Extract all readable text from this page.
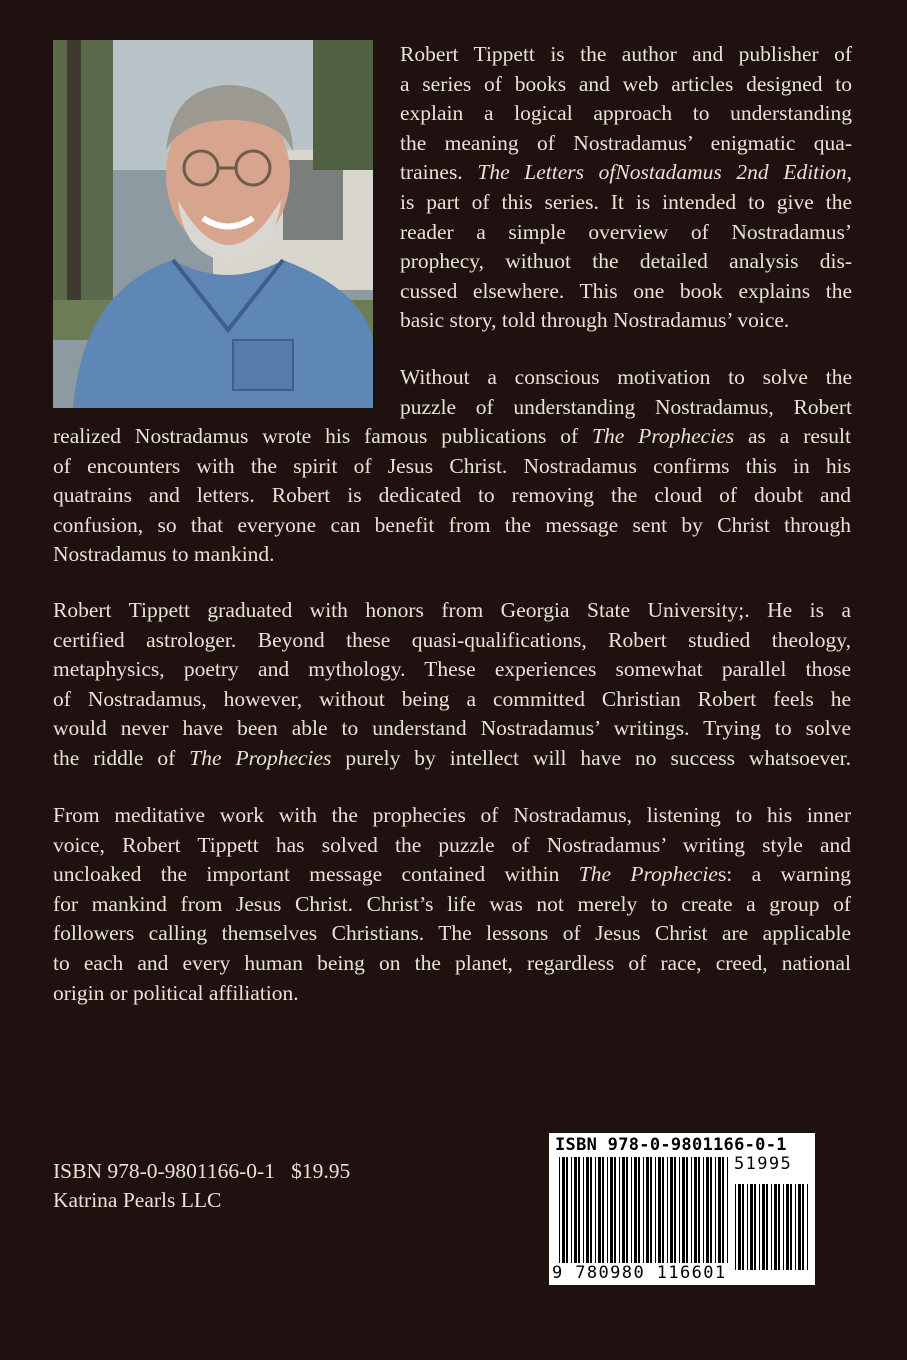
Robert Tippett is the author and publisher of
a series of books and web articles designed to
explain a logical approach to understanding
the meaning of Nostradamus’ enigmatic qua-
traines. The Letters ofNostadamus 2nd Edition,
is part of this series. It is intended to give the
reader a simple overview of Nostradamus’
prophecy, withuot the detailed analysis dis-
cussed elsewhere. This one book explains the
basic story, told through Nostradamus’ voice.
Without a conscious motivation to solve the
puzzle of understanding Nostradamus, Robert
realized Nostradamus wrote his famous publications of The Prophecies as a result
of encounters with the spirit of Jesus Christ. Nostradamus confirms this in his
quatrains and letters. Robert is dedicated to removing the cloud of doubt and
confusion, so that everyone can benefit from the message sent by Christ through
Nostradamus to mankind.
Robert Tippett graduated with honors from Georgia State University;. He is a
certified astrologer. Beyond these quasi-qualifications, Robert studied theology,
metaphysics, poetry and mythology. These experiences somewhat parallel those
of Nostradamus, however, without being a committed Christian Robert feels he
would never have been able to understand Nostradamus’ writings. Trying to solve
the riddle of The Prophecies purely by intellect will have no success whatsoever.
From meditative work with the prophecies of Nostradamus, listening to his inner
voice, Robert Tippett has solved the puzzle of Nostradamus’ writing style and
uncloaked the important message contained within The Prophecies: a warning
for mankind from Jesus Christ. Christ’s life was not merely to create a group of
followers calling themselves Christians. The lessons of Jesus Christ are applicable
to each and every human being on the planet, regardless of race, creed, national
origin or political affiliation.
ISBN 978-0-9801166-0-1   $19.95
Katrina Pearls LLC
ISBN 978-0-9801166-0-1
51995
9 780980 116601
